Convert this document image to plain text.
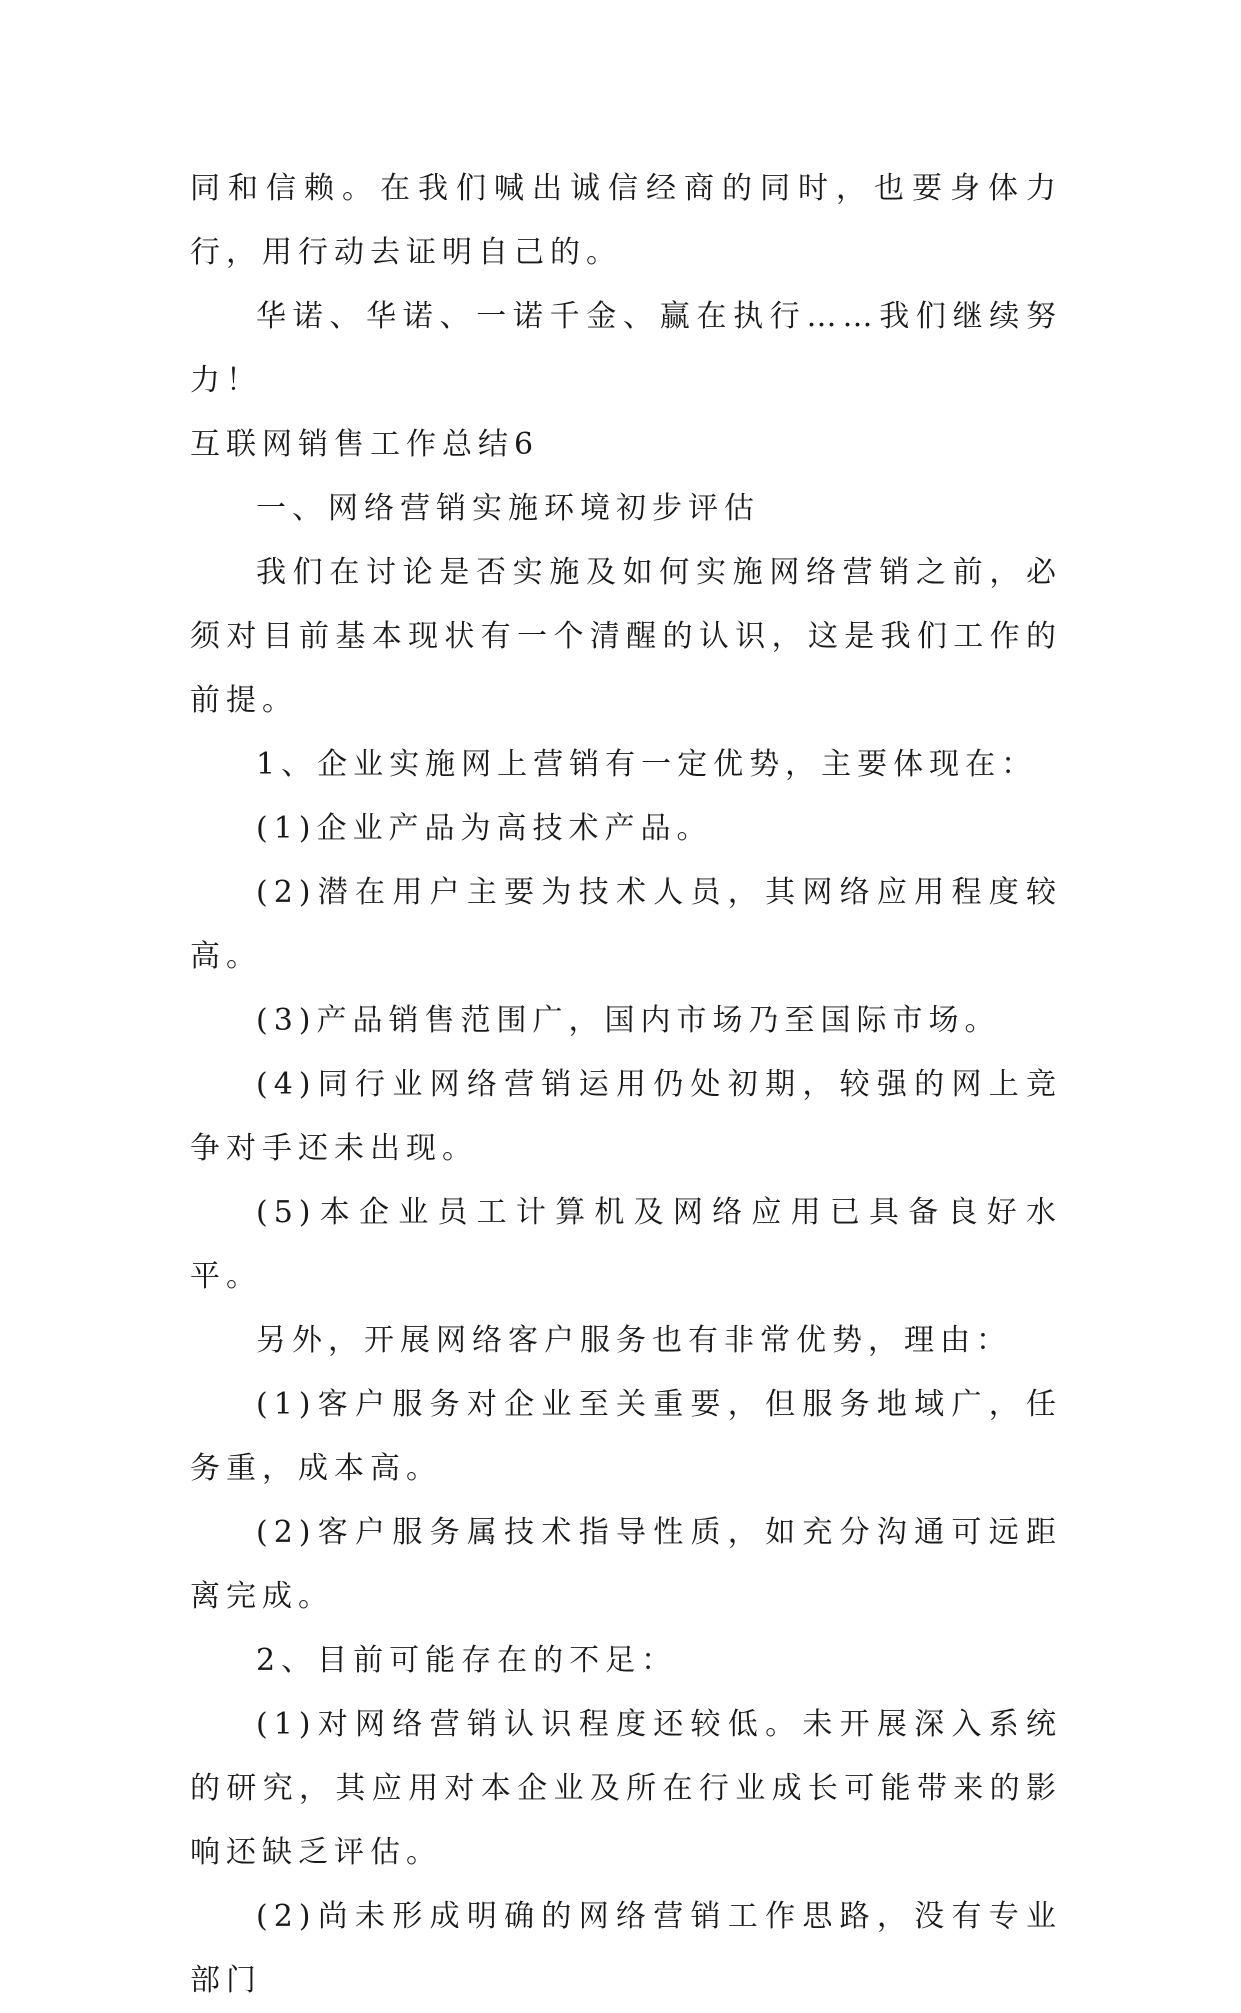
同和信赖。在我们喊出诚信经商的同时，也要身体力行，用行动去证明自己的。

华诺、华诺、一诺千金、赢在执行……我们继续努力！

互联网销售工作总结6

一、网络营销实施环境初步评估

我们在讨论是否实施及如何实施网络营销之前，必须对目前基本现状有一个清醒的认识，这是我们工作的前提。

1、企业实施网上营销有一定优势，主要体现在：

(1)企业产品为高技术产品。

(2)潜在用户主要为技术人员，其网络应用程度较高。

(3)产品销售范围广，国内市场乃至国际市场。

(4)同行业网络营销运用仍处初期，较强的网上竞争对手还未出现。

(5)本企业员工计算机及网络应用已具备良好水平。

另外，开展网络客户服务也有非常优势，理由：

(1)客户服务对企业至关重要，但服务地域广，任务重，成本高。

(2)客户服务属技术指导性质，如充分沟通可远距离完成。

2、目前可能存在的不足：

(1)对网络营销认识程度还较低。未开展深入系统的研究，其应用对本企业及所在行业成长可能带来的影响还缺乏评估。

(2)尚未形成明确的网络营销工作思路，没有专业部门
